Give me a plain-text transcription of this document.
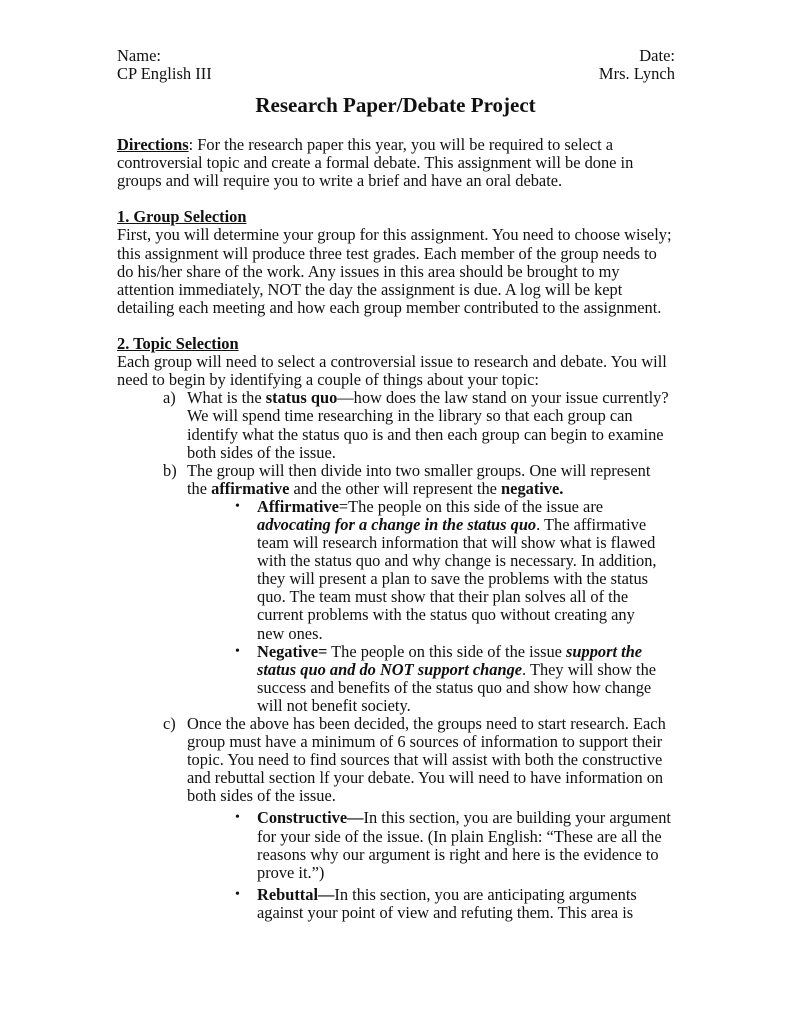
Name:	Date:
CP English III	Mrs. Lynch
Research Paper/Debate Project
Directions: For the research paper this year, you will be required to select a
controversial topic and create a formal debate. This assignment will be done in
groups and will require you to write a brief and have an oral debate.
1. Group Selection
First, you will determine your group for this assignment. You need to choose wisely;
this assignment will produce three test grades. Each member of the group needs to
do his/her share of the work. Any issues in this area should be brought to my
attention immediately, NOT the day the assignment is due. A log will be kept
detailing each meeting and how each group member contributed to the assignment.
2. Topic Selection
Each group will need to select a controversial issue to research and debate. You will
need to begin by identifying a couple of things about your topic:
a) What is the status quo—how does the law stand on your issue currently?
We will spend time researching in the library so that each group can
identify what the status quo is and then each group can begin to examine
both sides of the issue.
b) The group will then divide into two smaller groups. One will represent
the affirmative and the other will represent the negative.
• Affirmative=The people on this side of the issue are
advocating for a change in the status quo. The affirmative
team will research information that will show what is flawed
with the status quo and why change is necessary. In addition,
they will present a plan to save the problems with the status
quo. The team must show that their plan solves all of the
current problems with the status quo without creating any
new ones.
• Negative= The people on this side of the issue support the
status quo and do NOT support change. They will show the
success and benefits of the status quo and show how change
will not benefit society.
c) Once the above has been decided, the groups need to start research. Each
group must have a minimum of 6 sources of information to support their
topic. You need to find sources that will assist with both the constructive
and rebuttal section lf your debate. You will need to have information on
both sides of the issue.
• Constructive—In this section, you are building your argument
for your side of the issue. (In plain English: “These are all the
reasons why our argument is right and here is the evidence to
prove it.”)
• Rebuttal—In this section, you are anticipating arguments
against your point of view and refuting them. This area is
